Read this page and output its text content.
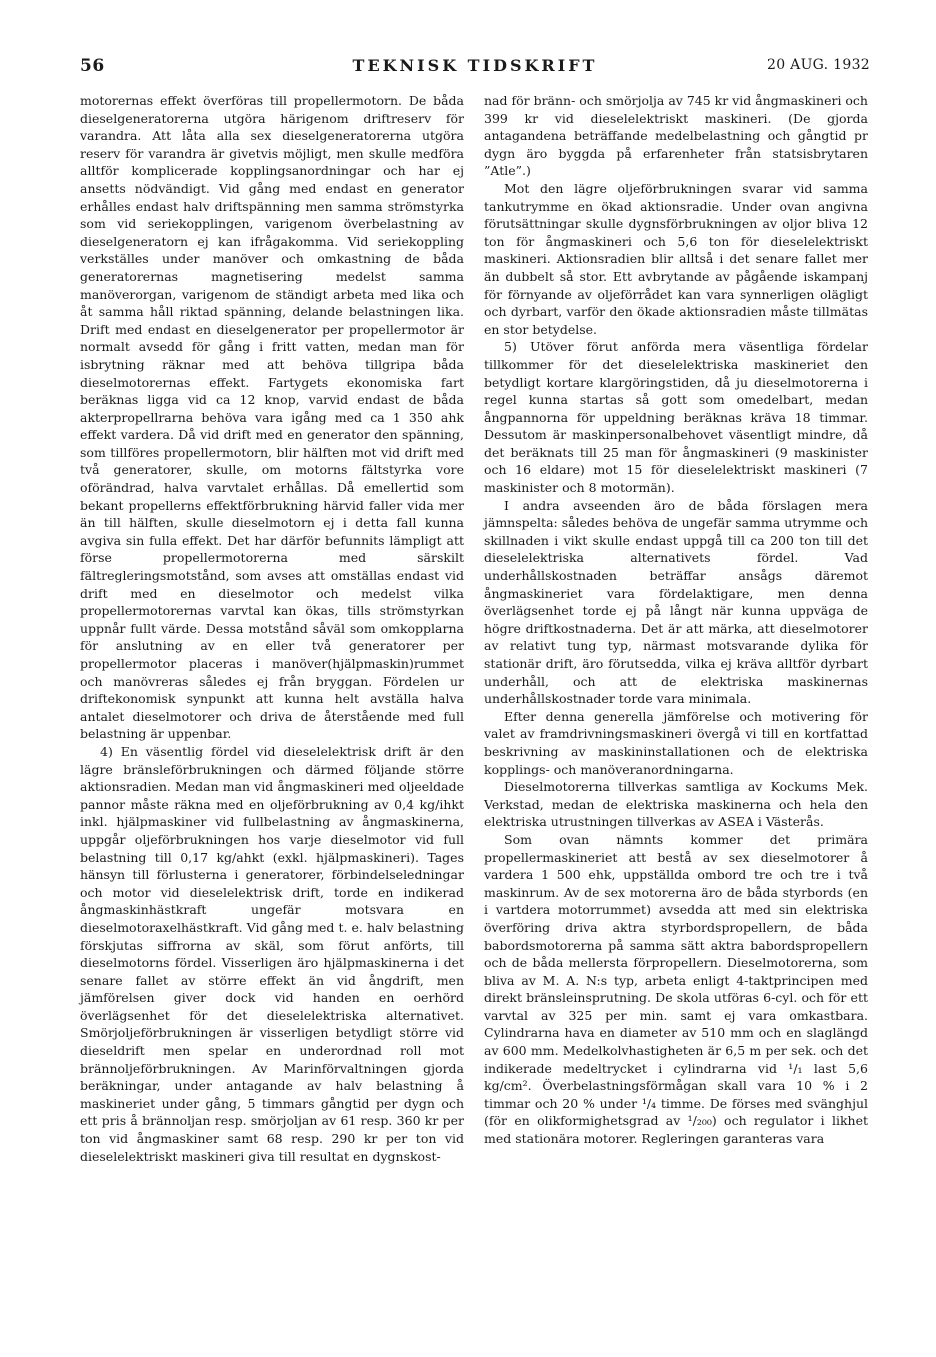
56	TEKNISK TIDSKRIFT	20 AUG. 1932

motorernas effekt överföras till propellermotorn. De båda dieselgeneratorerna utgöra härigenom driftreserv för varandra. Att låta alla sex dieselgeneratorerna utgöra reserv för varandra är givetvis möjligt, men skulle medföra alltför komplicerade kopplingsanordningar och har ej ansetts nödvändigt. Vid gång med endast en generator erhålles endast halv driftspänning men samma strömstyrka som vid seriekopplingen, varigenom överbelastning av dieselgeneratorn ej kan ifrågakomma. Vid seriekoppling verkställes under manöver och omkastning de båda generatorernas magnetisering medelst samma manöverorgan, varigenom de ständigt arbeta med lika och åt samma håll riktad spänning, delande belastningen lika. Drift med endast en dieselgenerator per propellermotor är normalt avsedd för gång i fritt vatten, medan man för isbrytning räknar med att behöva tillgripa båda dieselmotorernas effekt. Fartygets ekonomiska fart beräknas ligga vid ca 12 knop, varvid endast de båda akterpropellrarna behöva vara igång med ca 1 350 ahk effekt vardera. Då vid drift med en generator den spänning, som tillföres propellermotorn, blir hälften mot vid drift med två generatorer, skulle, om motorns fältstyrka vore oförändrad, halva varvtalet erhållas. Då emellertid som bekant propellerns effektförbrukning härvid faller vida mer än till hälften, skulle dieselmotorn ej i detta fall kunna avgiva sin fulla effekt. Det har därför befunnits lämpligt att förse propellermotorerna med särskilt fältregleringsmotstånd, som avses att omställas endast vid drift med en dieselmotor och medelst vilka propellermotorernas varvtal kan ökas, tills strömstyrkan uppnår fullt värde. Dessa motstånd såväl som omkopplarna för anslutning av en eller två generatorer per propellermotor placeras i manöver(hjälpmaskin)rummet och manövreras således ej från bryggan. Fördelen ur driftekonomisk synpunkt att kunna helt avställa halva antalet dieselmotorer och driva de återstående med full belastning är uppenbar.

4) En väsentlig fördel vid dieselelektrisk drift är den lägre bränsleförbrukningen och därmed följande större aktionsradien. Medan man vid ångmaskineri med oljeeldade pannor måste räkna med en oljeförbrukning av 0,4 kg/ihkt inkl. hjälpmaskiner vid fullbelastning av ångmaskinerna, uppgår oljeförbrukningen hos varje dieselmotor vid full belastning till 0,17 kg/ahkt (exkl. hjälpmaskineri). Tages hänsyn till förlusterna i generatorer, förbindelseledningar och motor vid dieselelektrisk drift, torde en indikerad ångmaskinhästkraft ungefär motsvara en dieselmotoraxelhästkraft. Vid gång med t. e. halv belastning förskjutas siffrorna av skäl, som förut anförts, till dieselmotorns fördel. Visserligen äro hjälpmaskinerna i det senare fallet av större effekt än vid ångdrift, men jämförelsen giver dock vid handen en oerhörd överlägsenhet för det dieselelektriska alternativet. Smörjoljeförbrukningen är visserligen betydligt större vid dieseldrift men spelar en underordnad roll mot brännoljeförbrukningen. Av Marinförvaltningen gjorda beräkningar, under antagande av halv belastning å maskineriet under gång, 5 timmars gångtid per dygn och ett pris å brännoljan resp. smörjoljan av 61 resp. 360 kr per ton vid ångmaskiner samt 68 resp. 290 kr per ton vid dieselelektriskt maskineri giva till resultat en dygnskost-

nad för bränn- och smörjolja av 745 kr vid ångmaskineri och 399 kr vid dieselelektriskt maskineri. (De gjorda antagandena beträffande medelbelastning och gångtid pr dygn äro byggda på erfarenheter från statsisbrytaren ”Atle”.)

Mot den lägre oljeförbrukningen svarar vid samma tankutrymme en ökad aktionsradie. Under ovan angivna förutsättningar skulle dygnsförbrukningen av oljor bliva 12 ton för ångmaskineri och 5,6 ton för dieselelektriskt maskineri. Aktionsradien blir alltså i det senare fallet mer än dubbelt så stor. Ett avbrytande av pågående iskampanj för förnyande av oljeförrådet kan vara synnerligen olägligt och dyrbart, varför den ökade aktionsradien måste tillmätas en stor betydelse.

5) Utöver förut anförda mera väsentliga fördelar tillkommer för det dieselelektriska maskineriet den betydligt kortare klargöringstiden, då ju dieselmotorerna i regel kunna startas så gott som omedelbart, medan ångpannorna för uppeldning beräknas kräva 18 timmar. Dessutom är maskinpersonalbehovet väsentligt mindre, då det beräknats till 25 man för ångmaskineri (9 maskinister och 16 eldare) mot 15 för dieselelektriskt maskineri (7 maskinister och 8 motormän).

I andra avseenden äro de båda förslagen mera jämnspelta: således behöva de ungefär samma utrymme och skillnaden i vikt skulle endast uppgå till ca 200 ton till det dieselelektriska alternativets fördel. Vad underhållskostnaden beträffar ansågs däremot ångmaskineriet vara fördelaktigare, men denna överlägsenhet torde ej på långt när kunna uppväga de högre driftkostnaderna. Det är att märka, att dieselmotorer av relativt tung typ, närmast motsvarande dylika för stationär drift, äro förutsedda, vilka ej kräva alltför dyrbart underhåll, och att de elektriska maskinernas underhållskostnader torde vara minimala.

Efter denna generella jämförelse och motivering för valet av framdrivningsmaskineri övergå vi till en kortfattad beskrivning av maskininstallationen och de elektriska kopplings- och manöveranordningarna.

Dieselmotorerna tillverkas samtliga av Kockums Mek. Verkstad, medan de elektriska maskinerna och hela den elektriska utrustningen tillverkas av ASEA i Västerås.

Som ovan nämnts kommer det primära propellermaskineriet att bestå av sex dieselmotorer å vardera 1 500 ehk, uppställda ombord tre och tre i två maskinrum. Av de sex motorerna äro de båda styrbords (en i vartdera motorrummet) avsedda att med sin elektriska överföring driva aktra styrbordspropellern, de båda babordsmotorerna på samma sätt aktra babordspropellern och de båda mellersta förpropellern. Dieselmotorerna, som bliva av M. A. N:s typ, arbeta enligt 4-taktprincipen med direkt bränsleinsprutning. De skola utföras 6-cyl. och för ett varvtal av 325 per min. samt ej vara omkastbara. Cylindrarna hava en diameter av 510 mm och en slaglängd av 600 mm. Medelkolvhastigheten är 6,5 m per sek. och det indikerade medeltrycket i cylindrarna vid ¹/₁ last 5,6 kg/cm². Överbelastningsförmågan skall vara 10 % i 2 timmar och 20 % under ¹/₄ timme. De förses med svänghjul (för en olikformighetsgrad av ¹/₂₀₀) och regulator i likhet med stationära motorer. Regleringen garanteras vara
